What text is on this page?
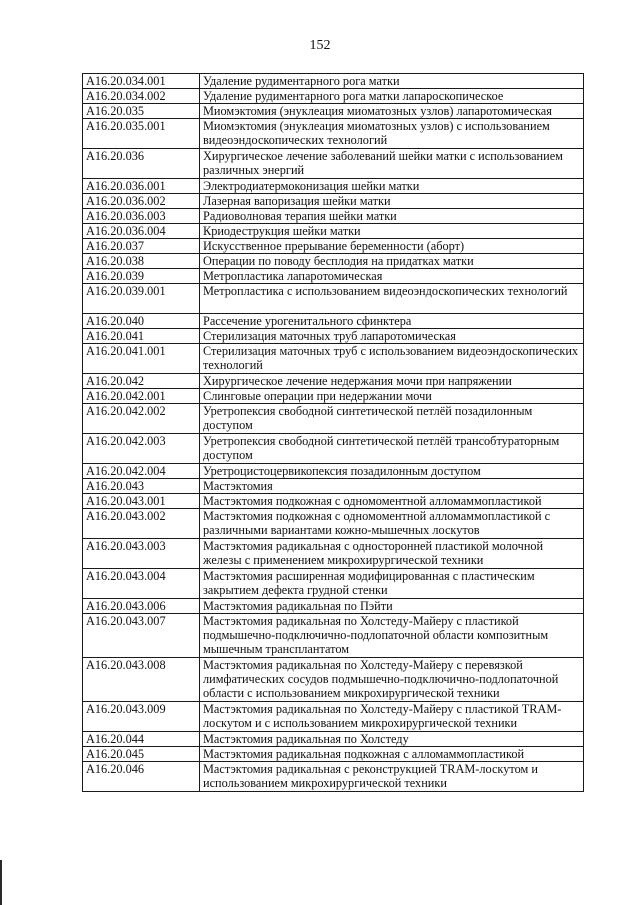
152
A16.20.034.001	Удаление рудиментарного рога матки
A16.20.034.002	Удаление рудиментарного рога матки лапароскопическое
A16.20.035	Миомэктомия (энуклеация миоматозных узлов) лапаротомическая
A16.20.035.001	Миомэктомия (энуклеация миоматозных узлов) с использованием видеоэндоскопических технологий
A16.20.036	Хирургическое лечение заболеваний шейки матки с использованием различных энергий
A16.20.036.001	Электродиатермоконизация шейки матки
A16.20.036.002	Лазерная вапоризация шейки матки
A16.20.036.003	Радиоволновая терапия шейки матки
A16.20.036.004	Криодеструкция шейки матки
A16.20.037	Искусственное прерывание беременности (аборт)
A16.20.038	Операции по поводу бесплодия на придатках матки
A16.20.039	Метропластика лапаротомическая
A16.20.039.001	Метропластика с использованием видеоэндоскопических технологий
A16.20.040	Рассечение урогенитального сфинктера
A16.20.041	Стерилизация маточных труб лапаротомическая
A16.20.041.001	Стерилизация маточных труб с использованием видеоэндоскопических технологий
A16.20.042	Хирургическое лечение недержания мочи при напряжении
A16.20.042.001	Слинговые операции при недержании мочи
A16.20.042.002	Уретропексия свободной синтетической петлёй позадилонным доступом
A16.20.042.003	Уретропексия свободной синтетической петлёй трансобтураторным доступом
A16.20.042.004	Уретроцистоцервикопексия позадилонным доступом
A16.20.043	Мастэктомия
A16.20.043.001	Мастэктомия подкожная с одномоментной алломаммопластикой
A16.20.043.002	Мастэктомия подкожная с одномоментной алломаммопластикой с различными вариантами кожно-мышечных лоскутов
A16.20.043.003	Мастэктомия радикальная с односторонней пластикой молочной железы с применением микрохирургической техники
A16.20.043.004	Мастэктомия расширенная модифицированная с пластическим закрытием дефекта грудной стенки
A16.20.043.006	Мастэктомия радикальная по Пэйти
A16.20.043.007	Мастэктомия радикальная по Холстеду-Майеру с пластикой подмышечно-подключично-подлопаточной области композитным мышечным трансплантатом
A16.20.043.008	Мастэктомия радикальная по Холстеду-Майеру с перевязкой лимфатических сосудов подмышечно-подключично-подлопаточной области с использованием микрохирургической техники
A16.20.043.009	Мастэктомия радикальная по Холстеду-Майеру с пластикой TRAM-лоскутом и с использованием микрохирургической техники
A16.20.044	Мастэктомия радикальная по Холстеду
A16.20.045	Мастэктомия радикальная подкожная с алломаммопластикой
A16.20.046	Мастэктомия радикальная с реконструкцией TRAM-лоскутом и использованием микрохирургической техники
